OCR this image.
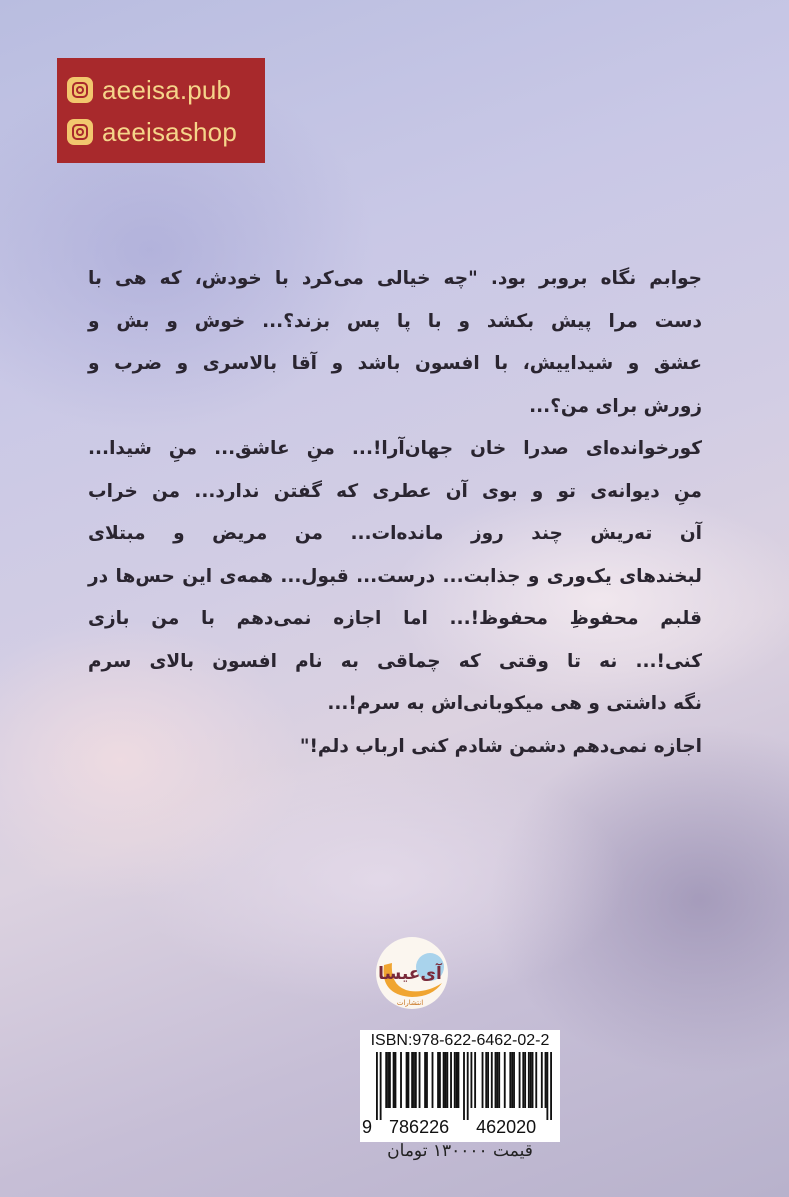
aeeisa.pub
aeeisashop

جوابم نگاه برو‌بر بود. "چه خیالی می‌کرد با خودش، که هی با

دست مرا پیش بکشد و با پا پس بزند؟... خوش و بش و

عشق و شیداییش، با افسون باشد و آقا بالاسری و ضرب و

زورش برای من؟...

کورخوانده‌ای صدرا خان جهان‌آرا!... منِ عاشق... منِ شیدا...

منِ دیوانه‌ی تو و بوی آن عطری که گفتن ندارد... من خراب

آن ته‌ریش چند روز مانده‌ات... من مریض و مبتلای

لبخندهای یک‌وری و جذابت... درست... قبول... همه‌ی این حس‌ها در

قلبم محفوظِ محفوظ!... اما اجازه نمی‌دهم با من بازی

کنی!... نه تا وقتی که چماقی به نام افسون بالای سرم

نگه داشتی و هی میکوبانی‌اش به سرم!...

اجازه نمی‌دهم دشمن شادم کنی ارباب دلم!"

آی‌عیسا
انتشارات
ISBN:978-622-6462-02-2
9 786226 462020
قیمت ۱۳۰۰۰۰ تومان
